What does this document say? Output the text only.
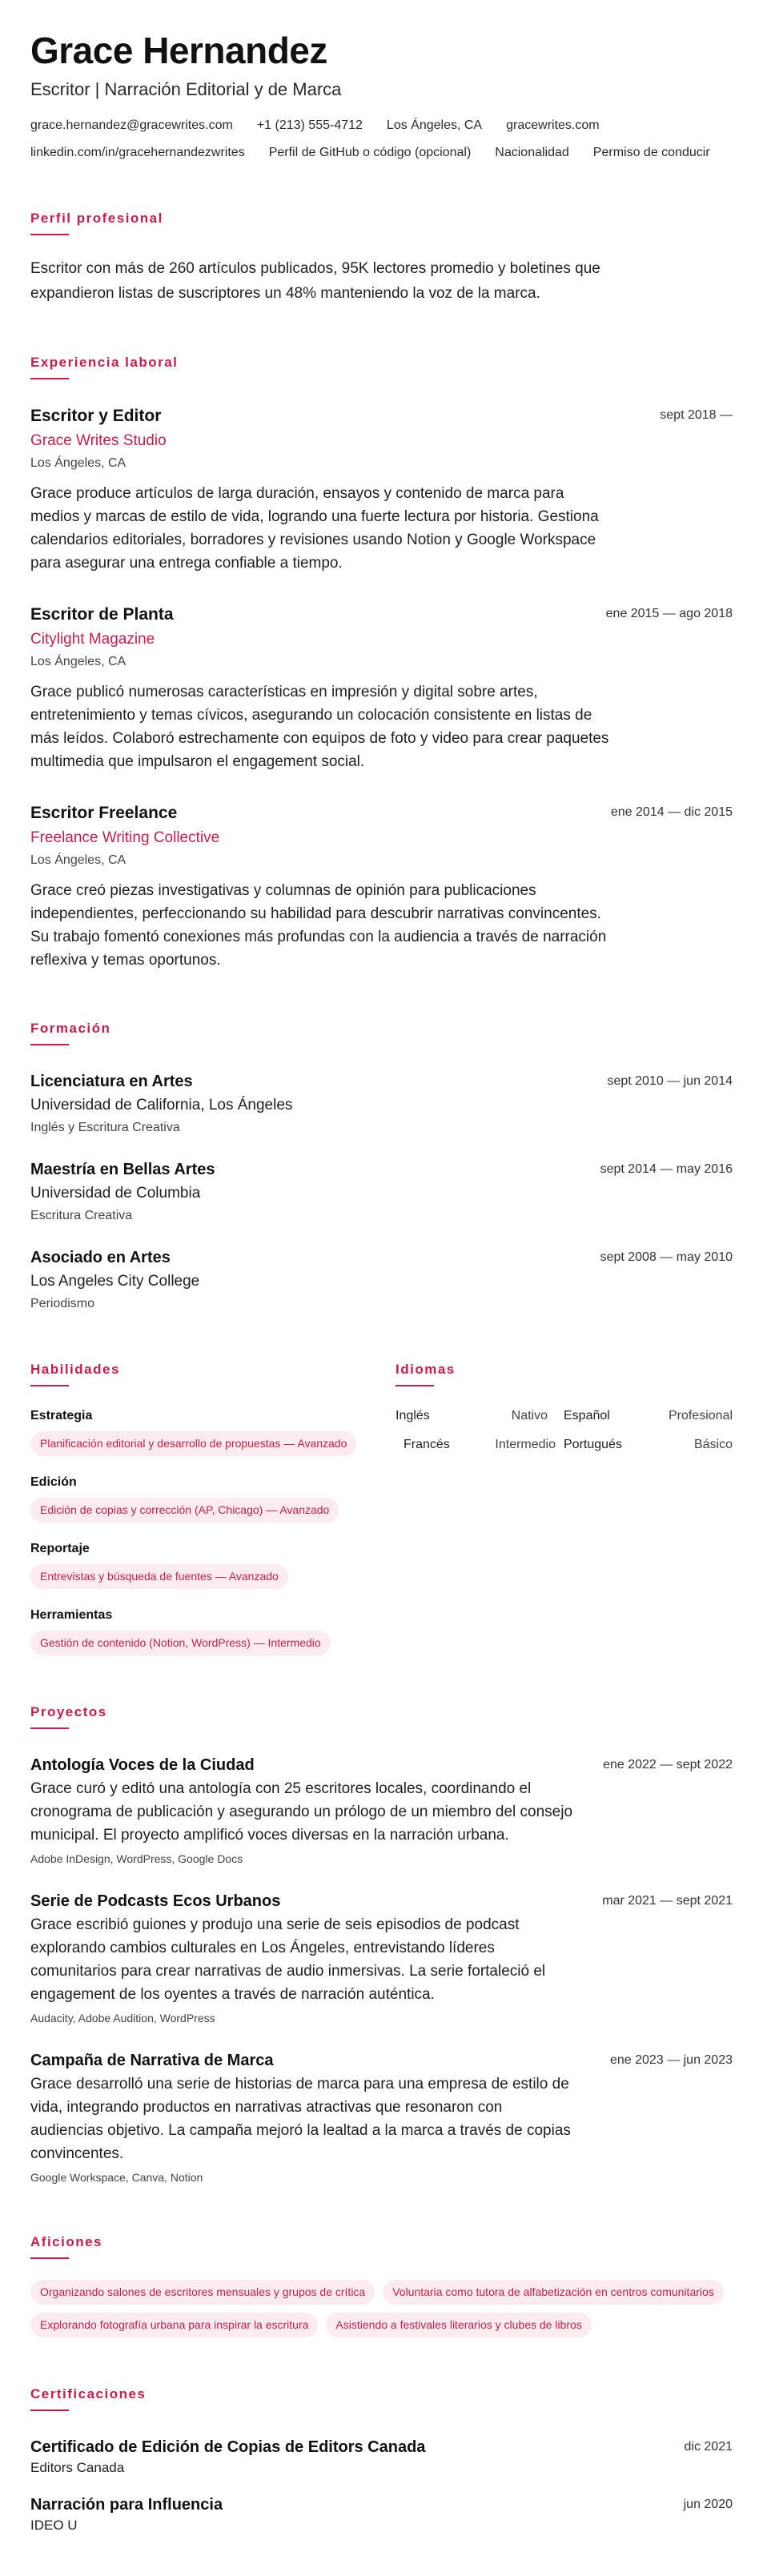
Grace Hernandez
Escritor | Narración Editorial y de Marca
grace.hernandez@gracewrites.com +1 (213) 555-4712 Los Ángeles, CA gracewrites.com
linkedin.com/in/gracehernandezwrites Perfil de GitHub o código (opcional) Nacionalidad Permiso de conducir
Perfil profesional
Escritor con más de 260 artículos publicados, 95K lectores promedio y boletines que expandieron listas de suscriptores un 48% manteniendo la voz de la marca.
Experiencia laboral
Escritor y Editor	sept 2018 —
Grace Writes Studio
Los Ángeles, CA
Grace produce artículos de larga duración, ensayos y contenido de marca para medios y marcas de estilo de vida, logrando una fuerte lectura por historia. Gestiona calendarios editoriales, borradores y revisiones usando Notion y Google Workspace para asegurar una entrega confiable a tiempo.
Escritor de Planta	ene 2015 — ago 2018
Citylight Magazine
Los Ángeles, CA
Grace publicó numerosas características en impresión y digital sobre artes, entretenimiento y temas cívicos, asegurando un colocación consistente en listas de más leídos. Colaboró estrechamente con equipos de foto y video para crear paquetes multimedia que impulsaron el engagement social.
Escritor Freelance	ene 2014 — dic 2015
Freelance Writing Collective
Los Ángeles, CA
Grace creó piezas investigativas y columnas de opinión para publicaciones independientes, perfeccionando su habilidad para descubrir narrativas convincentes. Su trabajo fomentó conexiones más profundas con la audiencia a través de narración reflexiva y temas oportunos.
Formación
Licenciatura en Artes	sept 2010 — jun 2014
Universidad de California, Los Ángeles
Inglés y Escritura Creativa
Maestría en Bellas Artes	sept 2014 — may 2016
Universidad de Columbia
Escritura Creativa
Asociado en Artes	sept 2008 — may 2010
Los Angeles City College
Periodismo
Habilidades
Estrategia
Planificación editorial y desarrollo de propuestas — Avanzado
Edición
Edición de copias y corrección (AP, Chicago) — Avanzado
Reportaje
Entrevistas y búsqueda de fuentes — Avanzado
Herramientas
Gestión de contenido (Notion, WordPress) — Intermedio
Idiomas
Inglés	Nativo Español	Profesional
Francés	Intermedio Portugués	Básico
Proyectos
Antología Voces de la Ciudad	ene 2022 — sept 2022
Grace curó y editó una antología con 25 escritores locales, coordinando el cronograma de publicación y asegurando un prólogo de un miembro del consejo municipal. El proyecto amplificó voces diversas en la narración urbana.
Adobe InDesign, WordPress, Google Docs
Serie de Podcasts Ecos Urbanos	mar 2021 — sept 2021
Grace escribió guiones y produjo una serie de seis episodios de podcast explorando cambios culturales en Los Ángeles, entrevistando líderes comunitarios para crear narrativas de audio inmersivas. La serie fortaleció el engagement de los oyentes a través de narración auténtica.
Audacity, Adobe Audition, WordPress
Campaña de Narrativa de Marca	ene 2023 — jun 2023
Grace desarrolló una serie de historias de marca para una empresa de estilo de vida, integrando productos en narrativas atractivas que resonaron con audiencias objetivo. La campaña mejoró la lealtad a la marca a través de copias convincentes.
Google Workspace, Canva, Notion
Aficiones
Organizando salones de escritores mensuales y grupos de crítica	Voluntaria como tutora de alfabetización en centros comunitarios
Explorando fotografía urbana para inspirar la escritura	Asistiendo a festivales literarios y clubes de libros
Certificaciones
Certificado de Edición de Copias de Editors Canada	dic 2021
Editors Canada
Narración para Influencia	jun 2020
IDEO U
